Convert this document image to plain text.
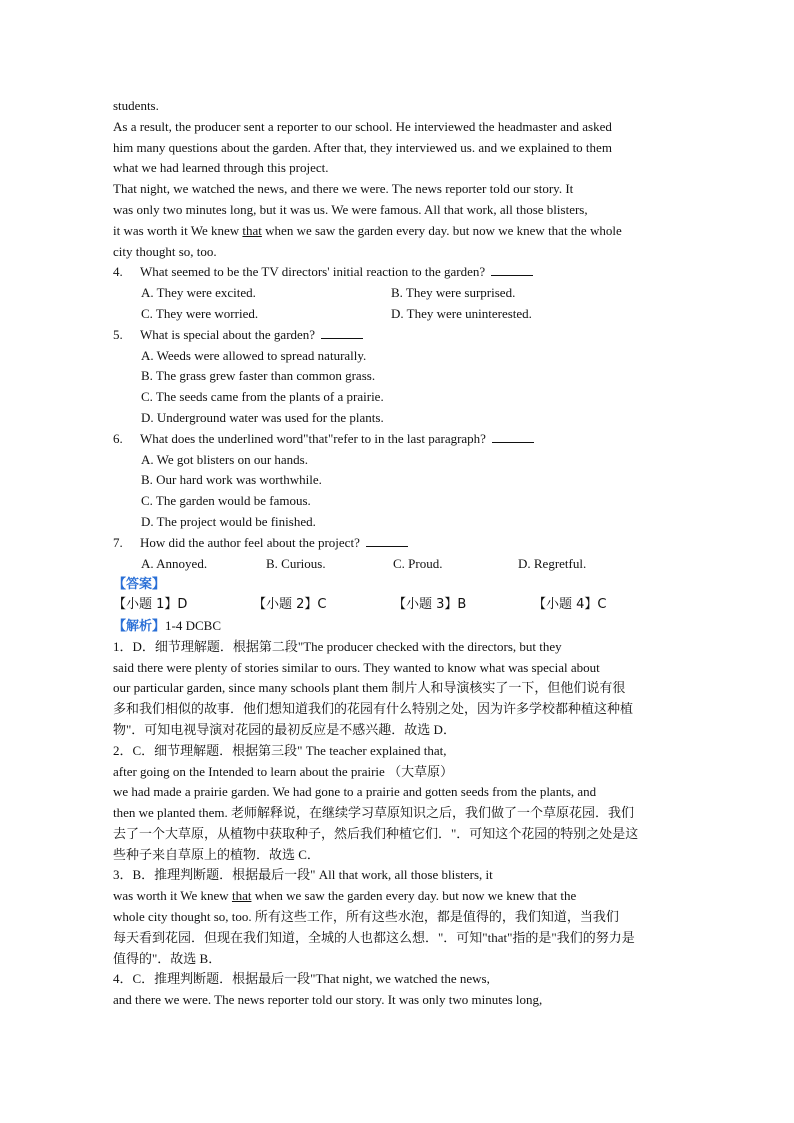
students.
As a result, the producer sent a reporter to our school. He interviewed the headmaster and asked
him many questions about the garden. After that, they interviewed us. and we explained to them
what we had learned through this project.
That night, we watched the news, and there we were. The news reporter told our story. It
was only two minutes long, but it was us. We were famous. All that work, all those blisters,
it was worth it We knew that when we saw the garden every day. but now we knew that the whole
city thought so, too.
4. What seemed to be the TV directors' initial reaction to the garden?
A. They were excited.	B. They were surprised.
C. They were worried.	D. They were uninterested.
5. What is special about the garden?
A. Weeds were allowed to spread naturally.
B. The grass grew faster than common grass.
C. The seeds came from the plants of a prairie.
D. Underground water was used for the plants.
6. What does the underlined word"that"refer to in the last paragraph?
A. We got blisters on our hands.
B. Our hard work was worthwhile.
C. The garden would be famous.
D. The project would be finished.
7. How did the author feel about the project?
A. Annoyed.	B. Curious.	C. Proud.	D. Regretful.
【答案】
【小题 1】D	【小题 2】C	【小题 3】B	【小题 4】C
【解析】1-4 DCBC
1．D．细节理解题．根据第二段"The producer checked with the directors, but they
said there were plenty of stories similar to ours. They wanted to know what was special about
our particular garden, since many schools plant them 制片人和导演核实了一下，但他们说有很
多和我们相似的故事．他们想知道我们的花园有什么特别之处，因为许多学校都种植这种植
物"．可知电视导演对花园的最初反应是不感兴趣．故选 D．
2．C．细节理解题．根据第三段" The teacher explained that,
after going on the Intended to learn about the prairie （大草原）
we had made a prairie garden. We had gone to a prairie and gotten seeds from the plants, and
then we planted them. 老师解释说，在继续学习草原知识之后，我们做了一个草原花园．我们
去了一个大草原，从植物中获取种子，然后我们种植它们．"．可知这个花园的特别之处是这
些种子来自草原上的植物．故选 C．
3．B．推理判断题．根据最后一段" All that work, all those blisters, it
was worth it We knew that when we saw the garden every day. but now we knew that the
whole city thought so, too. 所有这些工作，所有这些水泡，都是值得的，我们知道，当我们
每天看到花园．但现在我们知道，全城的人也都这么想．"．可知"that"指的是"我们的努力是
值得的"．故选 B．
4．C．推理判断题．根据最后一段"That night, we watched the news,
and there we were. The news reporter told our story. It was only two minutes long,
